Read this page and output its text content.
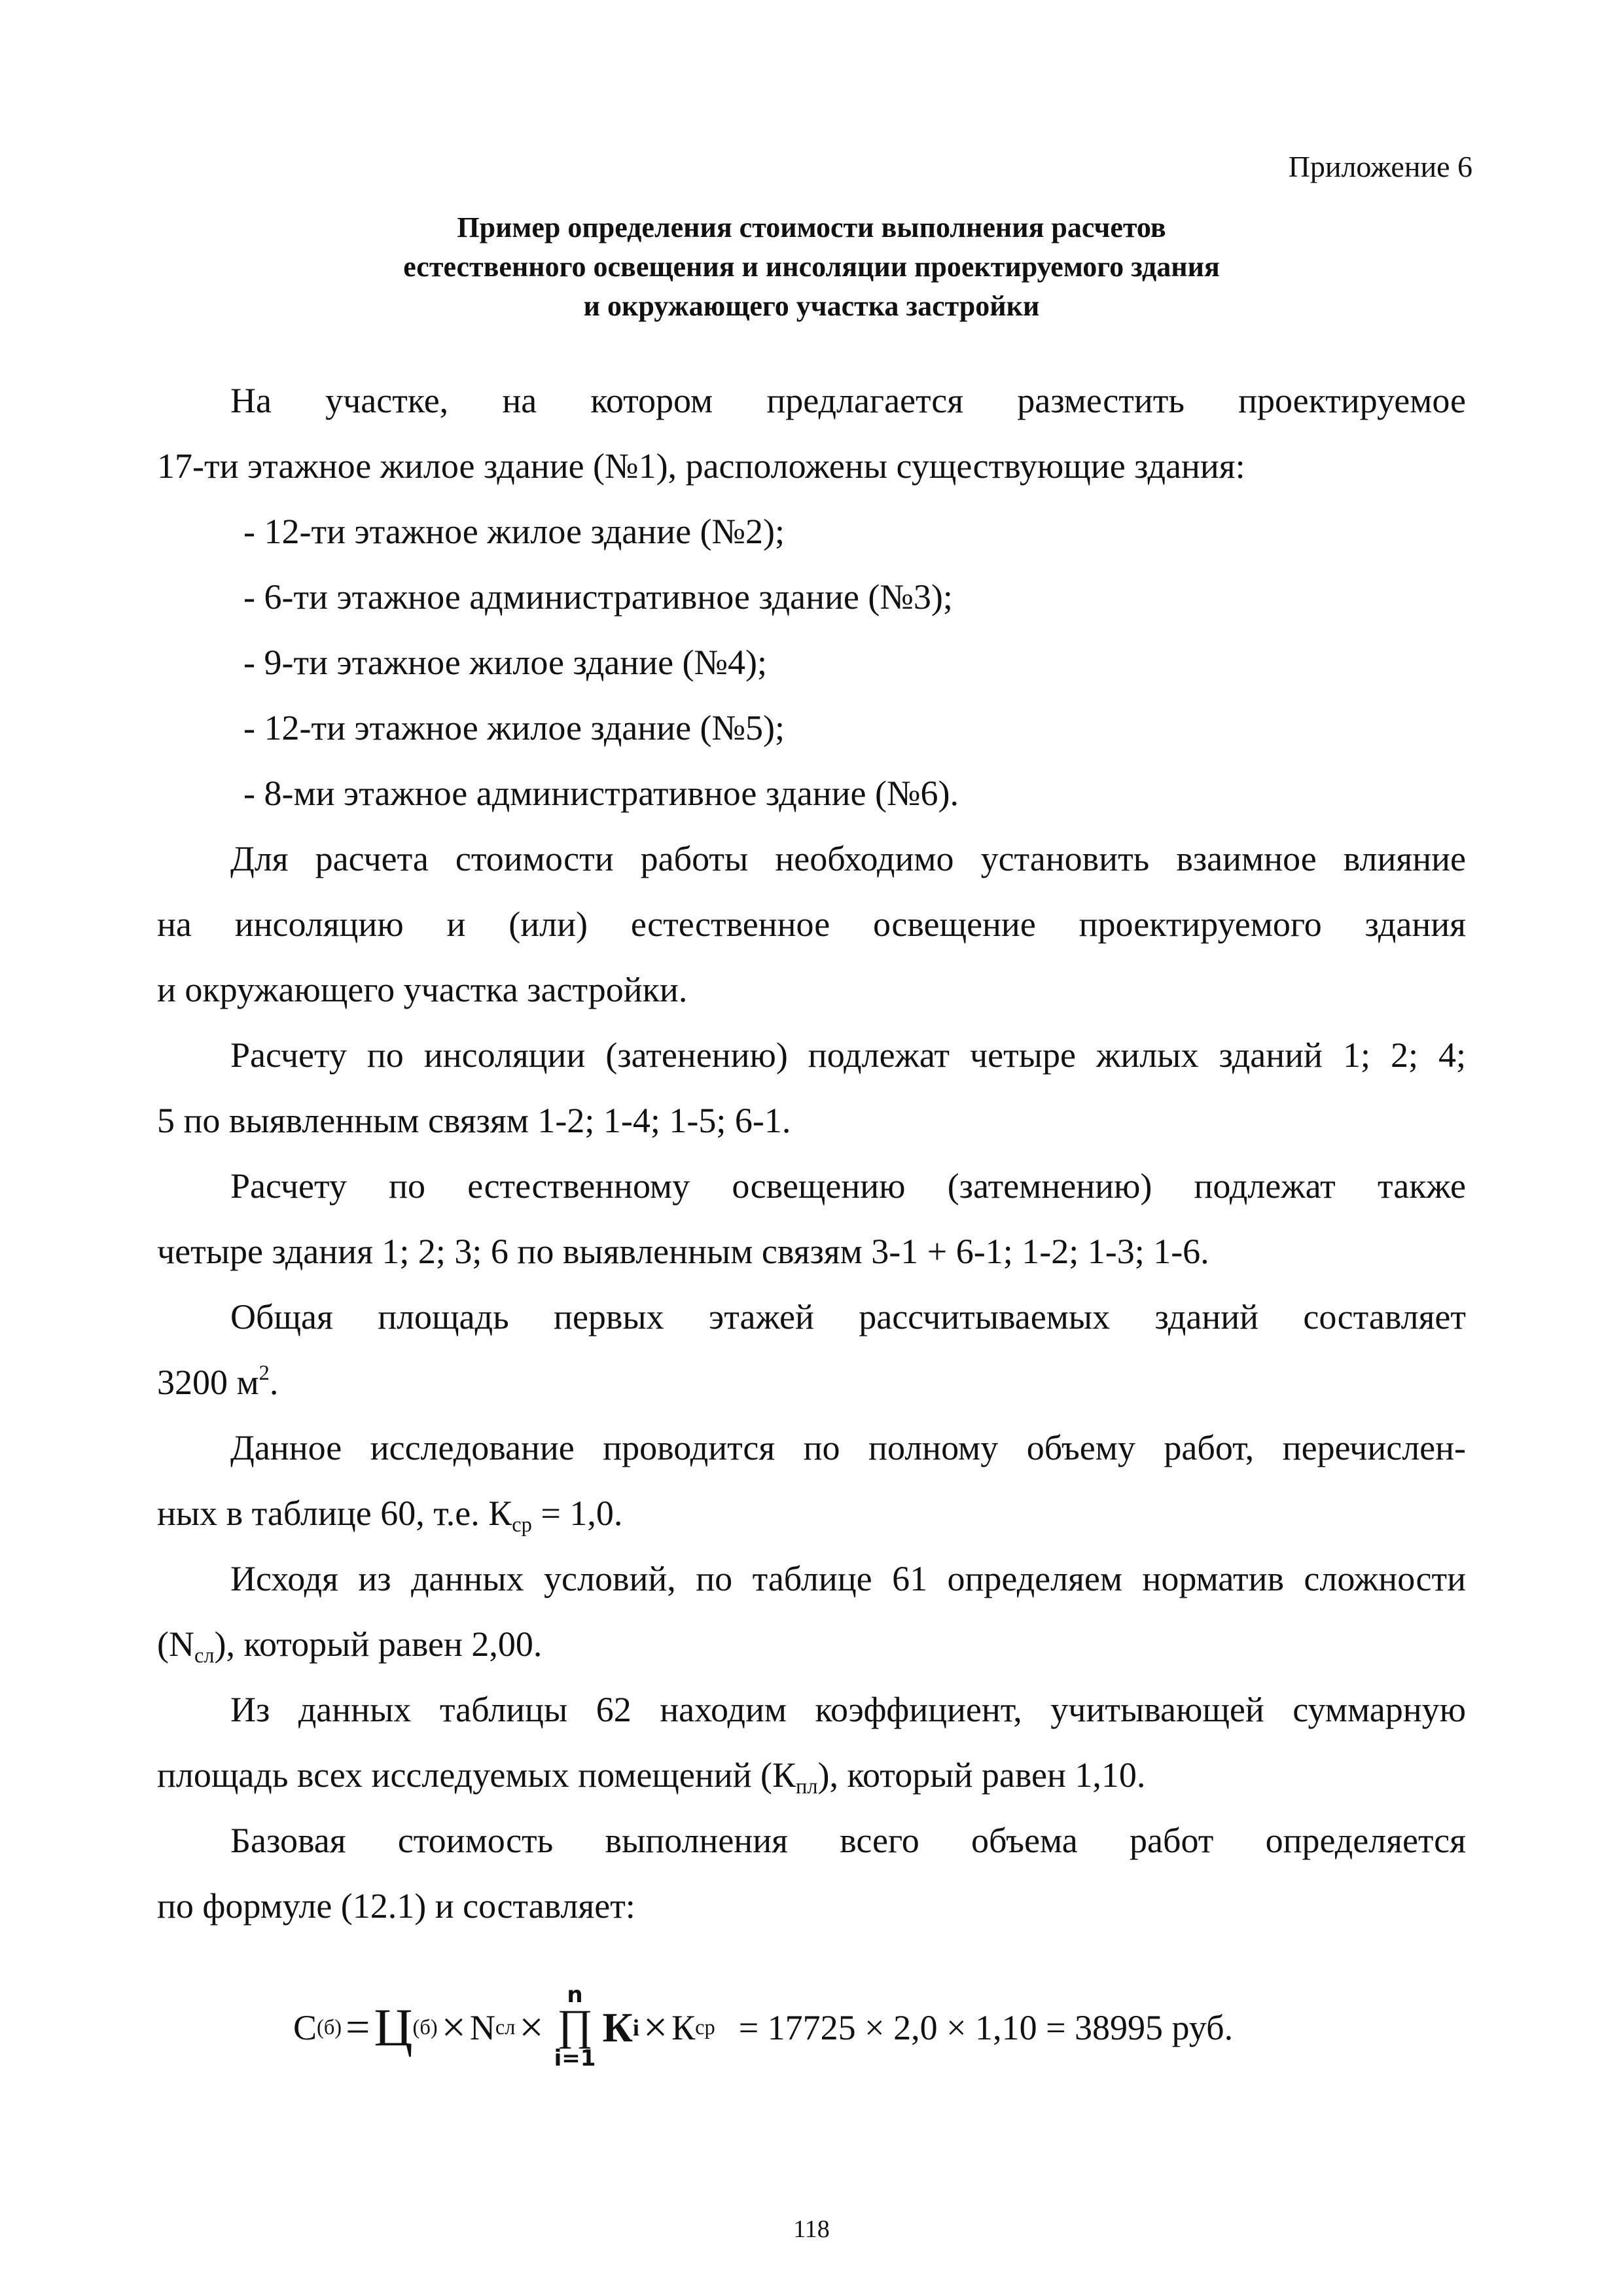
Приложение 6
Пример определения стоимости выполнения расчетов
естественного освещения и инсоляции проектируемого здания
и окружающего участка застройки
На участке, на котором предлагается разместить проектируемое
17-ти этажное жилое здание (№1), расположены существующие здания:
- 12-ти этажное жилое здание (№2);
- 6-ти этажное административное здание (№3);
- 9-ти этажное жилое здание (№4);
- 12-ти этажное жилое здание (№5);
- 8-ми этажное административное здание (№6).
Для расчета стоимости работы необходимо установить взаимное влияние
на инсоляцию и (или) естественное освещение проектируемого здания
и окружающего участка застройки.
Расчету по инсоляции (затенению) подлежат четыре жилых зданий 1; 2; 4;
5 по выявленным связям 1-2; 1-4; 1-5; 6-1.
Расчету по естественному освещению (затемнению) подлежат также
четыре здания 1; 2; 3; 6 по выявленным связям 3-1 + 6-1; 1-2; 1-3; 1-6.
Общая площадь первых этажей рассчитываемых зданий составляет
3200 $м^2$.
Данное исследование проводится по полному объему работ, перечислен-
ных в таблице 60, т.е. $К_{ср} = 1,0$.
Исходя из данных условий, по таблице 61 определяем норматив сложности
$(N_{сл})$, который равен 2,00.
Из данных таблицы 62 находим коэффициент, учитывающей суммарную
площадь всех исследуемых помещений $(К_{пл})$, который равен 1,10.
Базовая стоимость выполнения всего объема работ определяется
по формуле (12.1) и составляет:
С (б) = Ц (б) × N сл ×
n
∏
i=1
К i × К ср = 17725 × 2,0 × 1,10 = 38995 руб.
118
